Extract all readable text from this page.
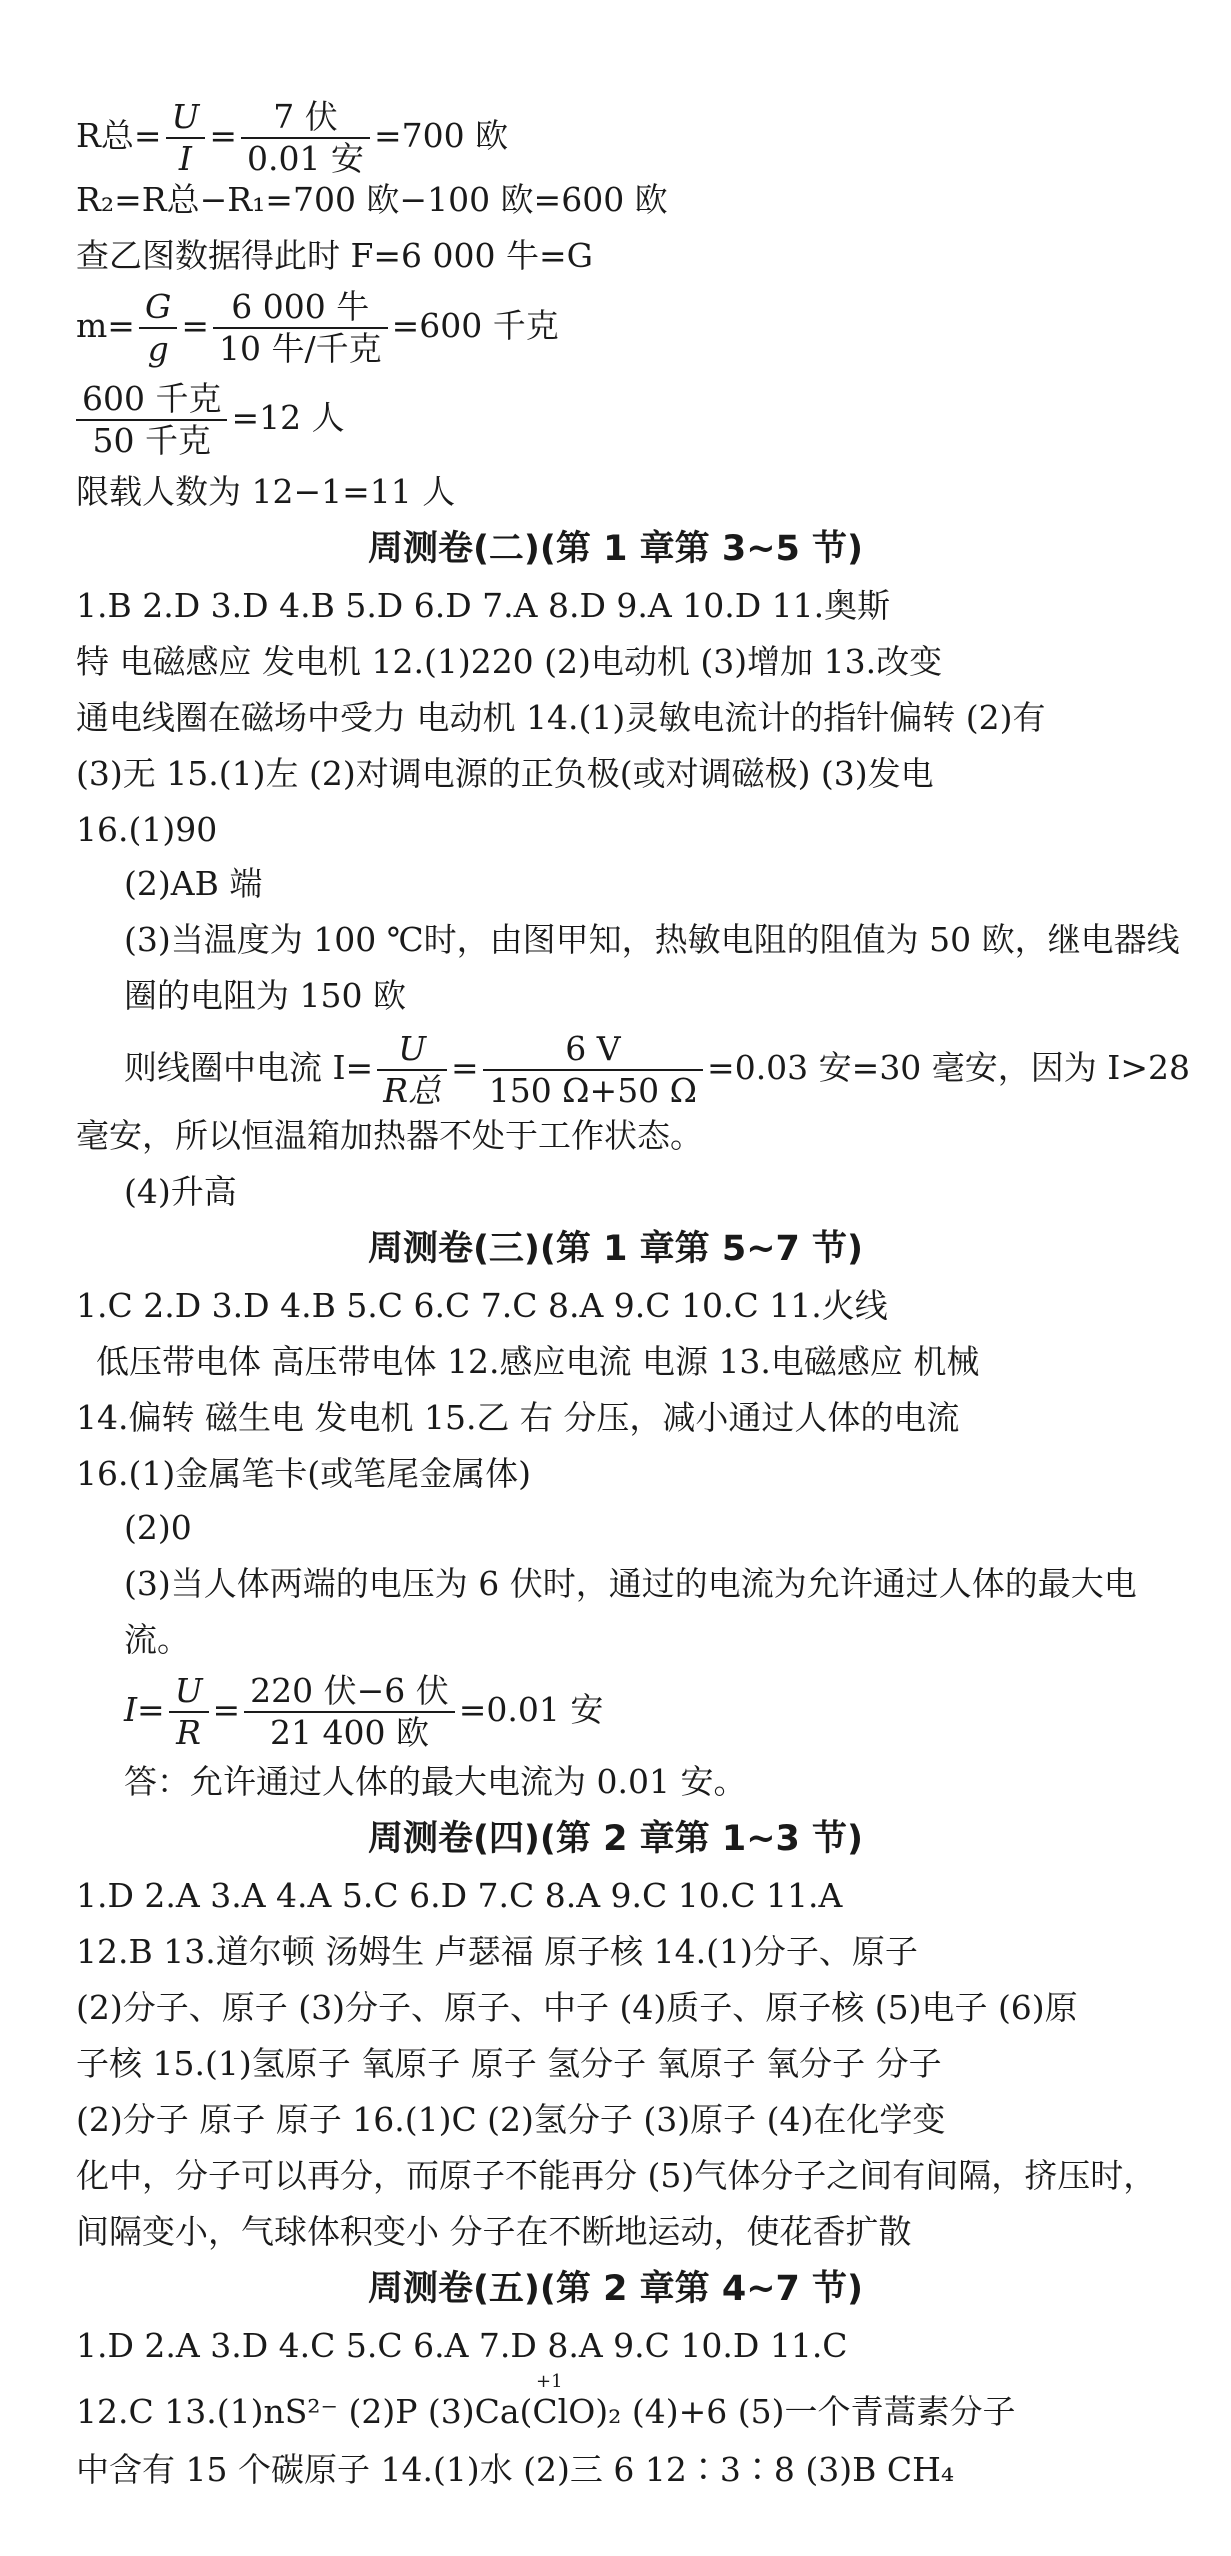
R总= $\frac{U}{I} = \frac{\text{7 伏}}{\text{0.01 安}} =700$ 欧
R₂=R总−R₁=700 欧−100 欧=600 欧
查乙图数据得此时 F=6 000 牛=G
$m= \frac{G}{g} = \frac{\text{6 000 牛}}{\text{10 牛/千克}} =600$ 千克
$\frac{\text{600 千克}}{\text{50 千克}} =12$ 人
限载人数为 12−1=11 人
周测卷(二)(第 1 章第 3~5 节)
1.B 2.D 3.D 4.B 5.D 6.D 7.A 8.D 9.A 10.D 11.奥斯
特 电磁感应 发电机 12.(1)220 (2)电动机 (3)增加 13.改变
通电线圈在磁场中受力 电动机 14.(1)灵敏电流计的指针偏转 (2)有
(3)无 15.(1)左 (2)对调电源的正负极(或对调磁极) (3)发电
16.(1)90
(2)AB 端
(3)当温度为 100 ℃时，由图甲知，热敏电阻的阻值为 50 欧，继电器线
圈的电阻为 150 欧
则线圈中电流 $I= \frac{U}{\text{R总}} = \frac{6 V}{150 \Omega+50 \Omega} =0.03$ 安=30 毫安，因为 I>28
毫安，所以恒温箱加热器不处于工作状态。
(4)升高
周测卷(三)(第 1 章第 5~7 节)
1.C 2.D 3.D 4.B 5.C 6.C 7.C 8.A 9.C 10.C 11.火线
低压带电体 高压带电体 12.感应电流 电源 13.电磁感应 机械
14.偏转 磁生电 发电机 15.乙 右 分压，减小通过人体的电流
16.(1)金属笔卡(或笔尾金属体)
(2)0
(3)当人体两端的电压为 6 伏时，通过的电流为允许通过人体的最大电
流。
$I= \frac{U}{R} = \frac{\text{220 伏−6 伏}}{\text{21 400 欧}} =0.01$ 安
答：允许通过人体的最大电流为 0.01 安。
周测卷(四)(第 2 章第 1~3 节)
1.D 2.A 3.A 4.A 5.C 6.D 7.C 8.A 9.C 10.C 11.A
12.B 13.道尔顿 汤姆生 卢瑟福 原子核 14.(1)分子、原子
(2)分子、原子 (3)分子、原子、中子 (4)质子、原子核 (5)电子 (6)原
子核 15.(1)氢原子 氧原子 原子 氢分子 氧原子 氧分子 分子
(2)分子 原子 原子 16.(1)C (2)氢分子 (3)原子 (4)在化学变
化中，分子可以再分，而原子不能再分 (5)气体分子之间有间隔，挤压时，
间隔变小，气球体积变小 分子在不断地运动，使花香扩散
周测卷(五)(第 2 章第 4~7 节)
1.D 2.A 3.D 4.C 5.C 6.A 7.D 8.A 9.C 10.D 11.C
+1
12.C 13.(1)nS²⁻ (2)P (3)Ca(ClO)₂ (4)+6 (5)一个青蒿素分子
中含有 15 个碳原子 14.(1)水 (2)三 6 12∶3∶8 (3)B CH₄
